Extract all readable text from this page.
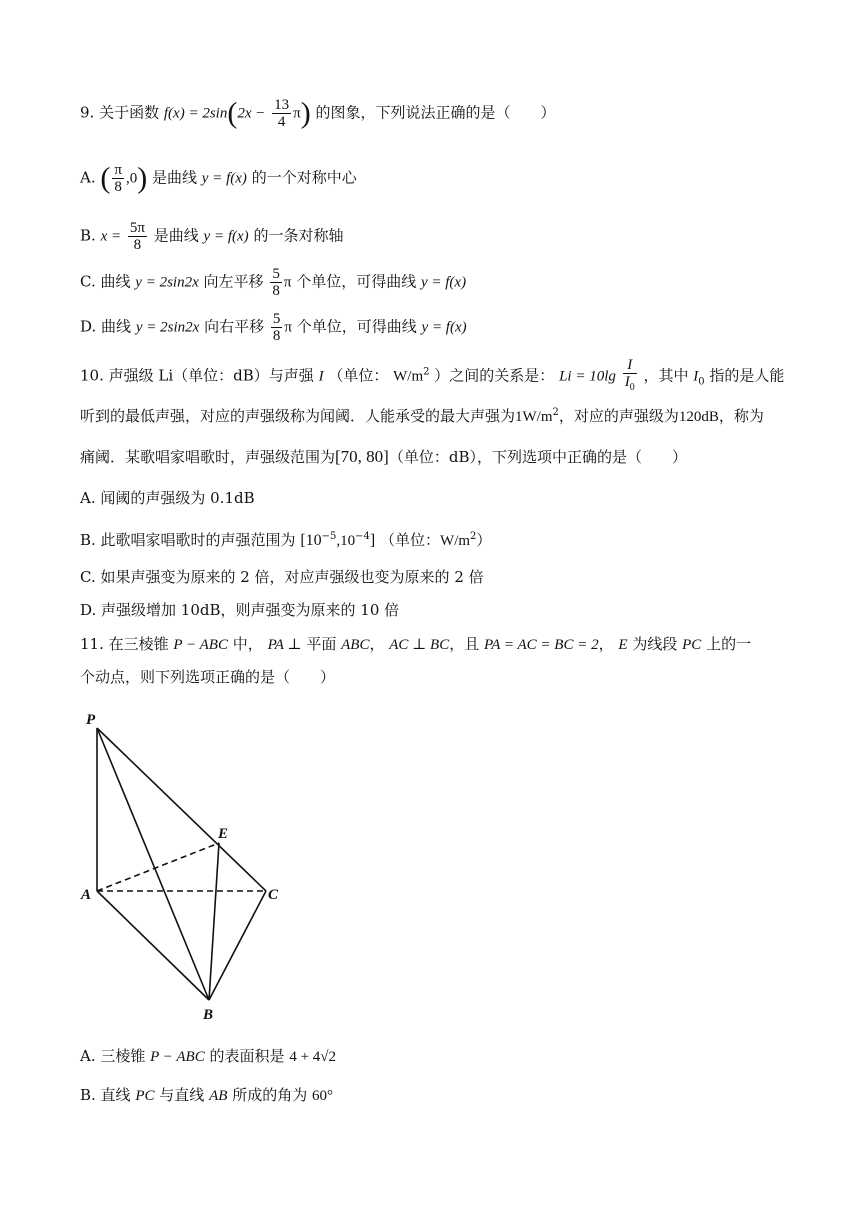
9. 关于函数 $f(x) = 2\sin(2x - \frac{13}{4} \pi)$ 的图象，下列说法正确的是（　　）
A. ( $\frac{\pi}{8} ,0$) 是曲线 y = f(x) 的一个对称中心
B. $x = \frac{5\pi}{8}$ 是曲线 y = f(x) 的一条对称轴
C. 曲线 y = 2sin2x 向左平移 $\frac{5}{8}$ π 个单位，可得曲线 y = f(x)
D. 曲线 y = 2sin2x 向右平移 $\frac{5}{8}$ π 个单位，可得曲线 y = f(x)
10. 声强级 Li（单位：dB）与声强 I （单位： $W/m^2$ ）之间的关系是： $Li = 10\lg \frac{I}{I_0}$ ，其中 $I_0$ 指的是人能
听到的最低声强，对应的声强级称为闻阈．人能承受的最大声强为$1W/m^2$，对应的声强级为120dB，称为
痛阈．某歌唱家唱歌时，声强级范围为[70, 80]（单位：dB），下列选项中正确的是（　　）
A. 闻阈的声强级为 0.1dB
B. 此歌唱家唱歌时的声强范围为 $[10^{-5},10^{-4}]$ （单位：$W/m^2$）
C. 如果声强变为原来的 2 倍，对应声强级也变为原来的 2 倍
D. 声强级增加 10dB，则声强变为原来的 10 倍
11. 在三棱锥 P − ABC 中， PA ⊥ 平面 ABC， AC ⊥ BC，且 PA = AC = BC = 2， E 为线段 PC 上的一
个动点，则下列选项正确的是（　　）
P
E
A	C
B
A. 三棱锥 P − ABC 的表面积是 4 + 4√2
B. 直线 PC 与直线 AB 所成的角为 60°
